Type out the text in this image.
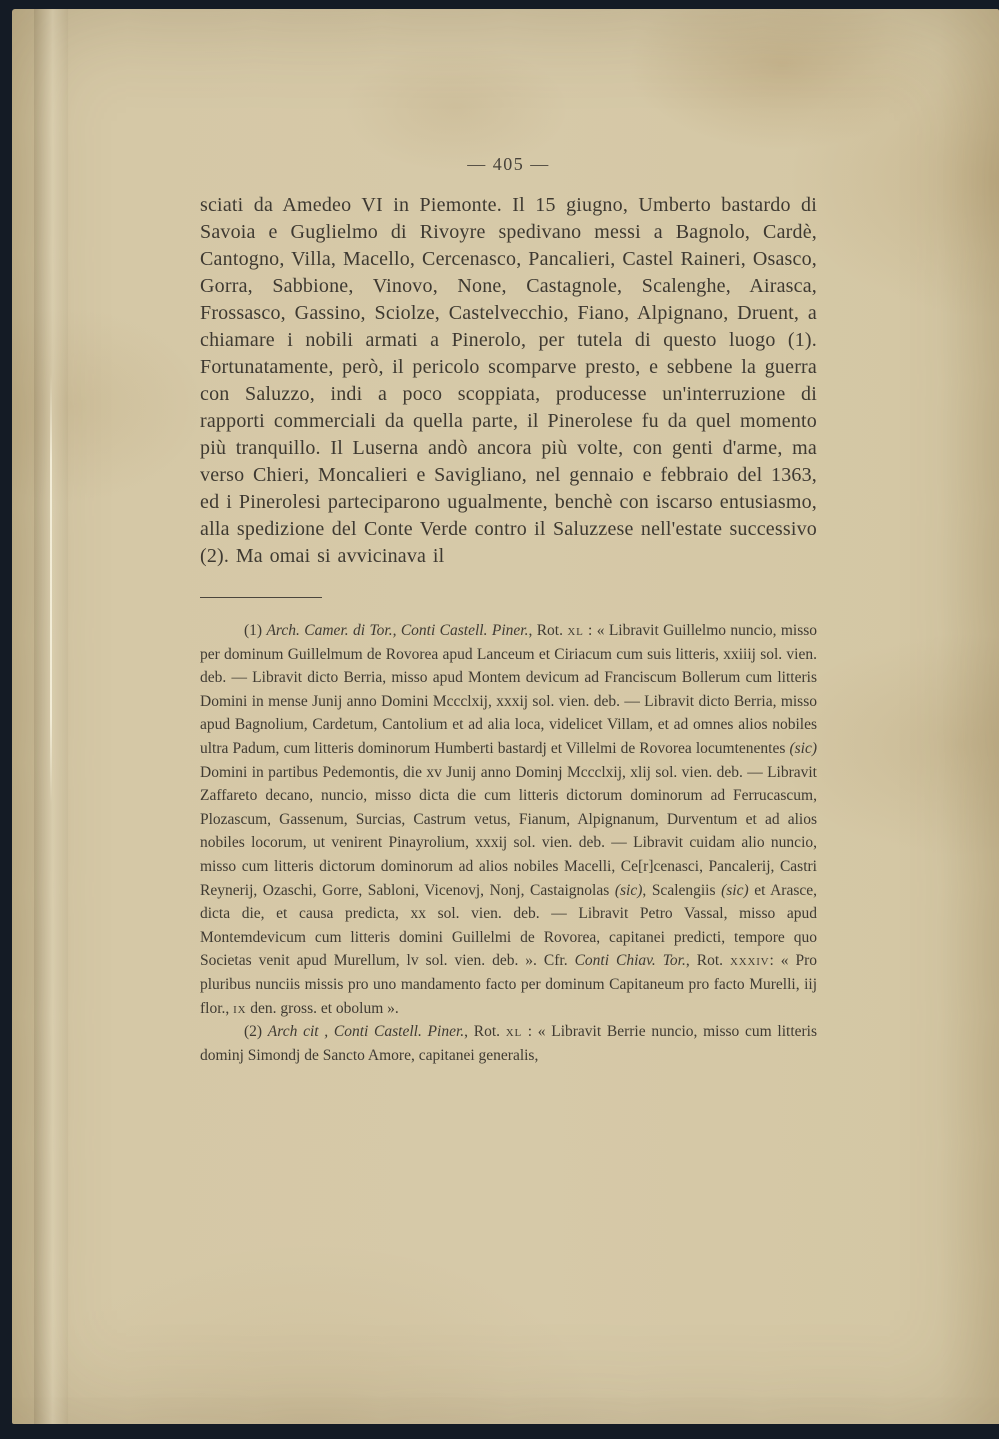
— 405 —

sciati da Amedeo VI in Piemonte. Il 15 giugno, Umberto bastardo di Savoia e Guglielmo di Rivoyre spedivano messi a Bagnolo, Cardè, Cantogno, Villa, Macello, Cercenasco, Pancalieri, Castel Raineri, Osasco, Gorra, Sabbione, Vinovo, None, Castagnole, Scalenghe, Airasca, Frossasco, Gassino, Sciolze, Castelvecchio, Fiano, Alpignano, Druent, a chiamare i nobili armati a Pinerolo, per tutela di questo luogo (1). Fortunatamente, però, il pericolo scomparve presto, e sebbene la guerra con Saluzzo, indi a poco scoppiata, producesse un'interruzione di rapporti commerciali da quella parte, il Pinerolese fu da quel momento più tranquillo. Il Luserna andò ancora più volte, con genti d'arme, ma verso Chieri, Moncalieri e Savigliano, nel gennaio e febbraio del 1363, ed i Pinerolesi parteciparono ugualmente, benchè con iscarso entusiasmo, alla spedizione del Conte Verde contro il Saluzzese nell'estate successivo (2). Ma omai si avvicinava il

(1) Arch. Camer. di Tor., Conti Castell. Piner., Rot. xl : « Libravit Guillelmo nuncio, misso per dominum Guillelmum de Rovorea apud Lanceum et Ciriacum cum suis litteris, xxiiij sol. vien. deb. — Libravit dicto Berria, misso apud Montem devicum ad Franciscum Bollerum cum litteris Domini in mense Junij anno Domini Mccclxij, xxxij sol. vien. deb. — Libravit dicto Berria, misso apud Bagnolium, Cardetum, Cantolium et ad alia loca, videlicet Villam, et ad omnes alios nobiles ultra Padum, cum litteris dominorum Humberti bastardj et Villelmi de Rovorea locumtenentes (sic) Domini in partibus Pedemontis, die xv Junij anno Dominj Mccclxij, xlij sol. vien. deb. — Libravit Zaffareto decano, nuncio, misso dicta die cum litteris dictorum dominorum ad Ferrucascum, Plozascum, Gassenum, Surcias, Castrum vetus, Fianum, Alpignanum, Durventum et ad alios nobiles locorum, ut venirent Pinayrolium, xxxij sol. vien. deb. — Libravit cuidam alio nuncio, misso cum litteris dictorum dominorum ad alios nobiles Macelli, Ce[r]cenasci, Pancalerij, Castri Reynerij, Ozaschi, Gorre, Sabloni, Vicenovj, Nonj, Castaignolas (sic), Scalengiis (sic) et Arasce, dicta die, et causa predicta, xx sol. vien. deb. — Libravit Petro Vassal, misso apud Montemdevicum cum litteris domini Guillelmi de Rovorea, capitanei predicti, tempore quo Societas venit apud Murellum, lv sol. vien. deb. ». Cfr. Conti Chiav. Tor., Rot. xxxiv: « Pro pluribus nunciis missis pro uno mandamento facto per dominum Capitaneum pro facto Murelli, iij flor., ix den. gross. et obolum ».

(2) Arch cit , Conti Castell. Piner., Rot. xl : « Libravit Berrie nuncio, misso cum litteris dominj Simondj de Sancto Amore, capitanei generalis,
